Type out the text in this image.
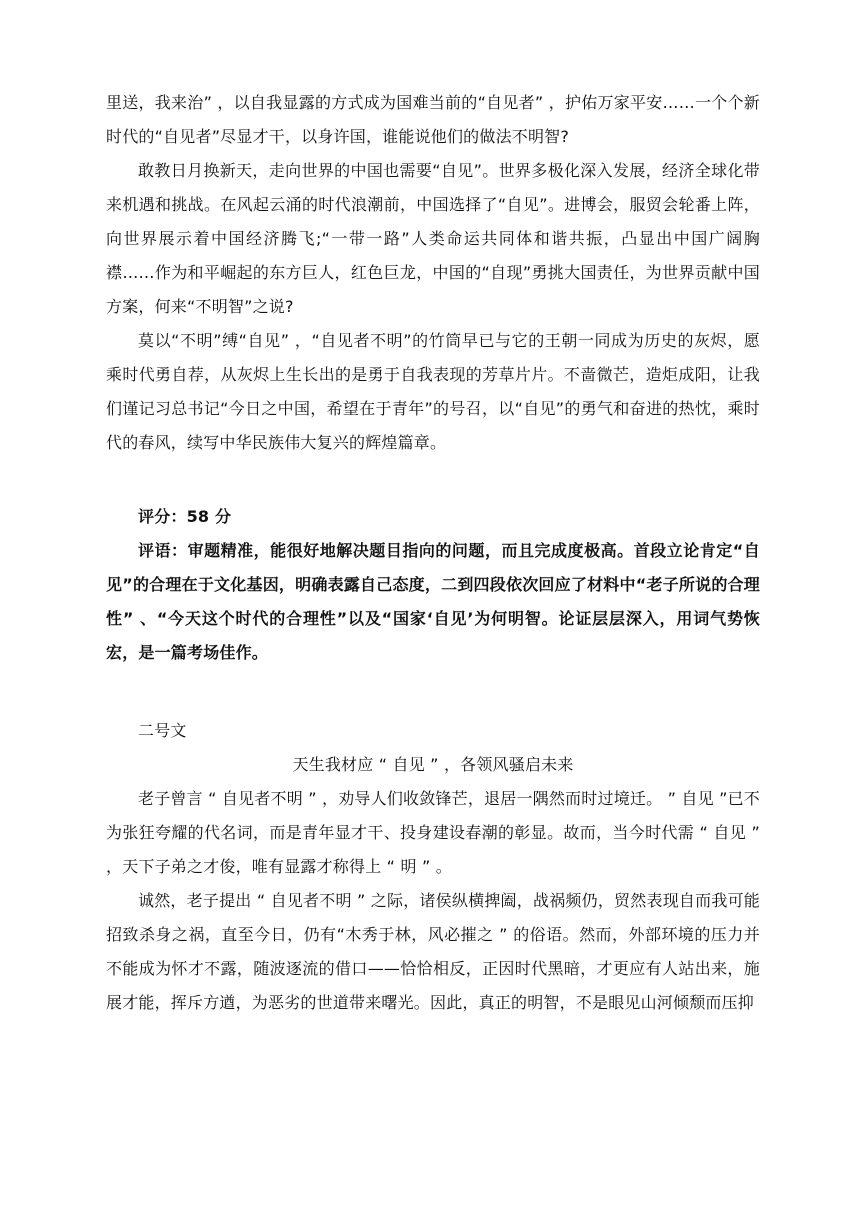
里送，我来治” ，以自我显露的方式成为国难当前的“自见者” ，护佑万家平安……一个个新时代的“自见者”尽显才干，以身许国，谁能说他们的做法不明智?

敢教日月换新天，走向世界的中国也需要“自见”。世界多极化深入发展，经济全球化带来机遇和挑战。在风起云涌的时代浪潮前，中国选择了“自见”。进博会，服贸会轮番上阵，向世界展示着中国经济腾飞;“一带一路”人类命运共同体和谐共振，凸显出中国广阔胸襟……作为和平崛起的东方巨人，红色巨龙，中国的“自现”勇挑大国责任，为世界贡献中国方案，何来“不明智”之说?

莫以“不明”缚“自见” ，“自见者不明”的竹筒早已与它的王朝一同成为历史的灰烬，愿乘时代勇自荐，从灰烬上生长出的是勇于自我表现的芳草片片。不啬微芒，造炬成阳，让我们谨记习总书记“今日之中国，希望在于青年”的号召，以“自见”的勇气和奋进的热忱，乘时代的春风，续写中华民族伟大复兴的辉煌篇章。

评分：58 分

评语：审题精准，能很好地解决题目指向的问题，而且完成度极高。首段立论肯定“自见”的合理在于文化基因，明确表露自己态度，二到四段依次回应了材料中“老子所说的合理性” 、“今天这个时代的合理性”以及“国家‘自见’为何明智。论证层层深入，用词气势恢宏，是一篇考场佳作。

二号文

天生我材应 “ 自见 ” ，各领风骚启未来

老子曾言 “ 自见者不明 ” ，劝导人们收敛锋芒，退居一隅然而时过境迁。 ” 自见 ”已不为张狂夸耀的代名词，而是青年显才干、投身建设春潮的彰显。故而，当今时代需 “ 自见 ” ，天下子弟之才俊，唯有显露才称得上 “ 明 ” 。

诚然，老子提出 “ 自见者不明 ” 之际，诸侯纵横捭阖，战祸频仍，贸然表现自而我可能招致杀身之祸，直至今日，仍有“木秀于林，风必摧之 ” 的俗语。然而，外部环境的压力并不能成为怀才不露，随波逐流的借口——恰恰相反，正因时代黑暗，才更应有人站出来，施展才能，挥斥方遒，为恶劣的世道带来曙光。因此，真正的明智，不是眼见山河倾颓而压抑
